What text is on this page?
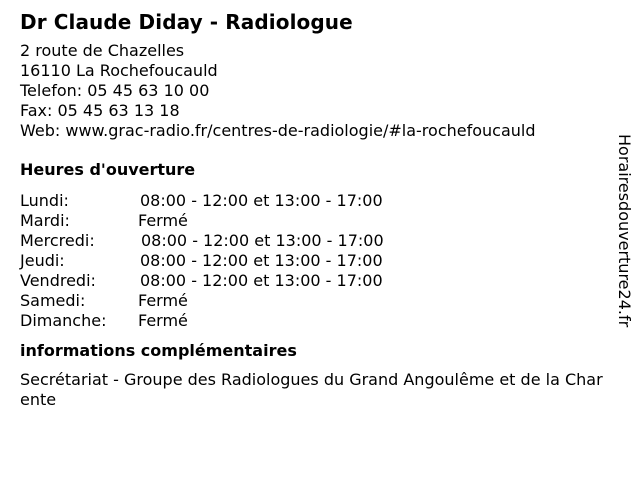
Dr Claude Diday - Radiologue
2 route de Chazelles
16110 La Rochefoucauld
Telefon: 05 45 63 10 00
Fax: 05 45 63 13 18
Web: www.grac-radio.fr/centres-de-radiologie/#la-rochefoucauld
Heures d'ouverture
Lundi:	08:00 - 12:00 et 13:00 - 17:00
Mardi:	Fermé
Mercredi:	08:00 - 12:00 et 13:00 - 17:00
Jeudi:	08:00 - 12:00 et 13:00 - 17:00
Vendredi:	08:00 - 12:00 et 13:00 - 17:00
Samedi:	Fermé
Dimanche: Fermé
informations complémentaires
Secrétariat - Groupe des Radiologues du Grand Angoulême et de la Charente
Horairesdouverture24.fr
